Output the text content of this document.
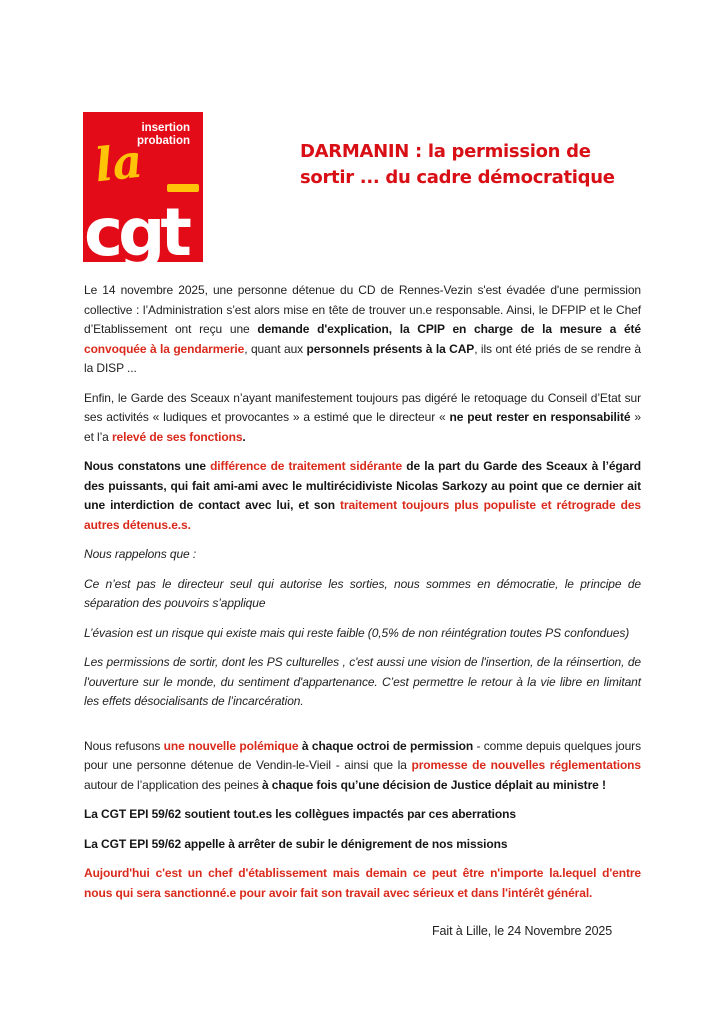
insertion
probation
la
cgt
DARMANIN : la permission de
sortir ... du cadre démocratique

Le 14 novembre 2025, une personne détenue du CD de Rennes-Vezin s'est évadée d'une permission collective : l’Administration s’est alors mise en tête de trouver un.e responsable. Ainsi, le DFPIP et le Chef d’Etablissement ont reçu une demande d'explication, la CPIP en charge de la mesure a été convoquée à la gendarmerie, quant aux personnels présents à la CAP, ils ont été priés de se rendre à la DISP ...

Enfin, le Garde des Sceaux n’ayant manifestement toujours pas digéré le retoquage du Conseil d’Etat sur ses activités « ludiques et provocantes » a estimé que le directeur « ne peut rester en responsabilité » et l’a relevé de ses fonctions.

Nous constatons une différence de traitement sidérante de la part du Garde des Sceaux à l’égard des puissants, qui fait ami-ami avec le multirécidiviste Nicolas Sarkozy au point que ce dernier ait une interdiction de contact avec lui, et son traitement toujours plus populiste et rétrograde des autres détenus.e.s.

Nous rappelons que :

Ce n’est pas le directeur seul qui autorise les sorties, nous sommes en démocratie, le principe de séparation des pouvoirs s’applique

L’évasion est un risque qui existe mais qui reste faible (0,5% de non réintégration toutes PS confondues)

Les permissions de sortir, dont les PS culturelles , c'est aussi une vision de l'insertion, de la réinsertion, de l'ouverture sur le monde, du sentiment d'appartenance. C’est permettre le retour à la vie libre en limitant les effets désocialisants de l’incarcération.

Nous refusons une nouvelle polémique à chaque octroi de permission - comme depuis quelques jours pour une personne détenue de Vendin-le-Vieil - ainsi que la promesse de nouvelles réglementations autour de l’application des peines à chaque fois qu’une décision de Justice déplait au ministre !

La CGT EPI 59/62 soutient tout.es les collègues impactés par ces aberrations

La CGT EPI 59/62 appelle à arrêter de subir le dénigrement de nos missions

Aujourd'hui c'est un chef d'établissement mais demain ce peut être n'importe la.lequel d'entre nous qui sera sanctionné.e pour avoir fait son travail avec sérieux et dans l'intérêt général.

Fait à Lille, le 24 Novembre 2025
